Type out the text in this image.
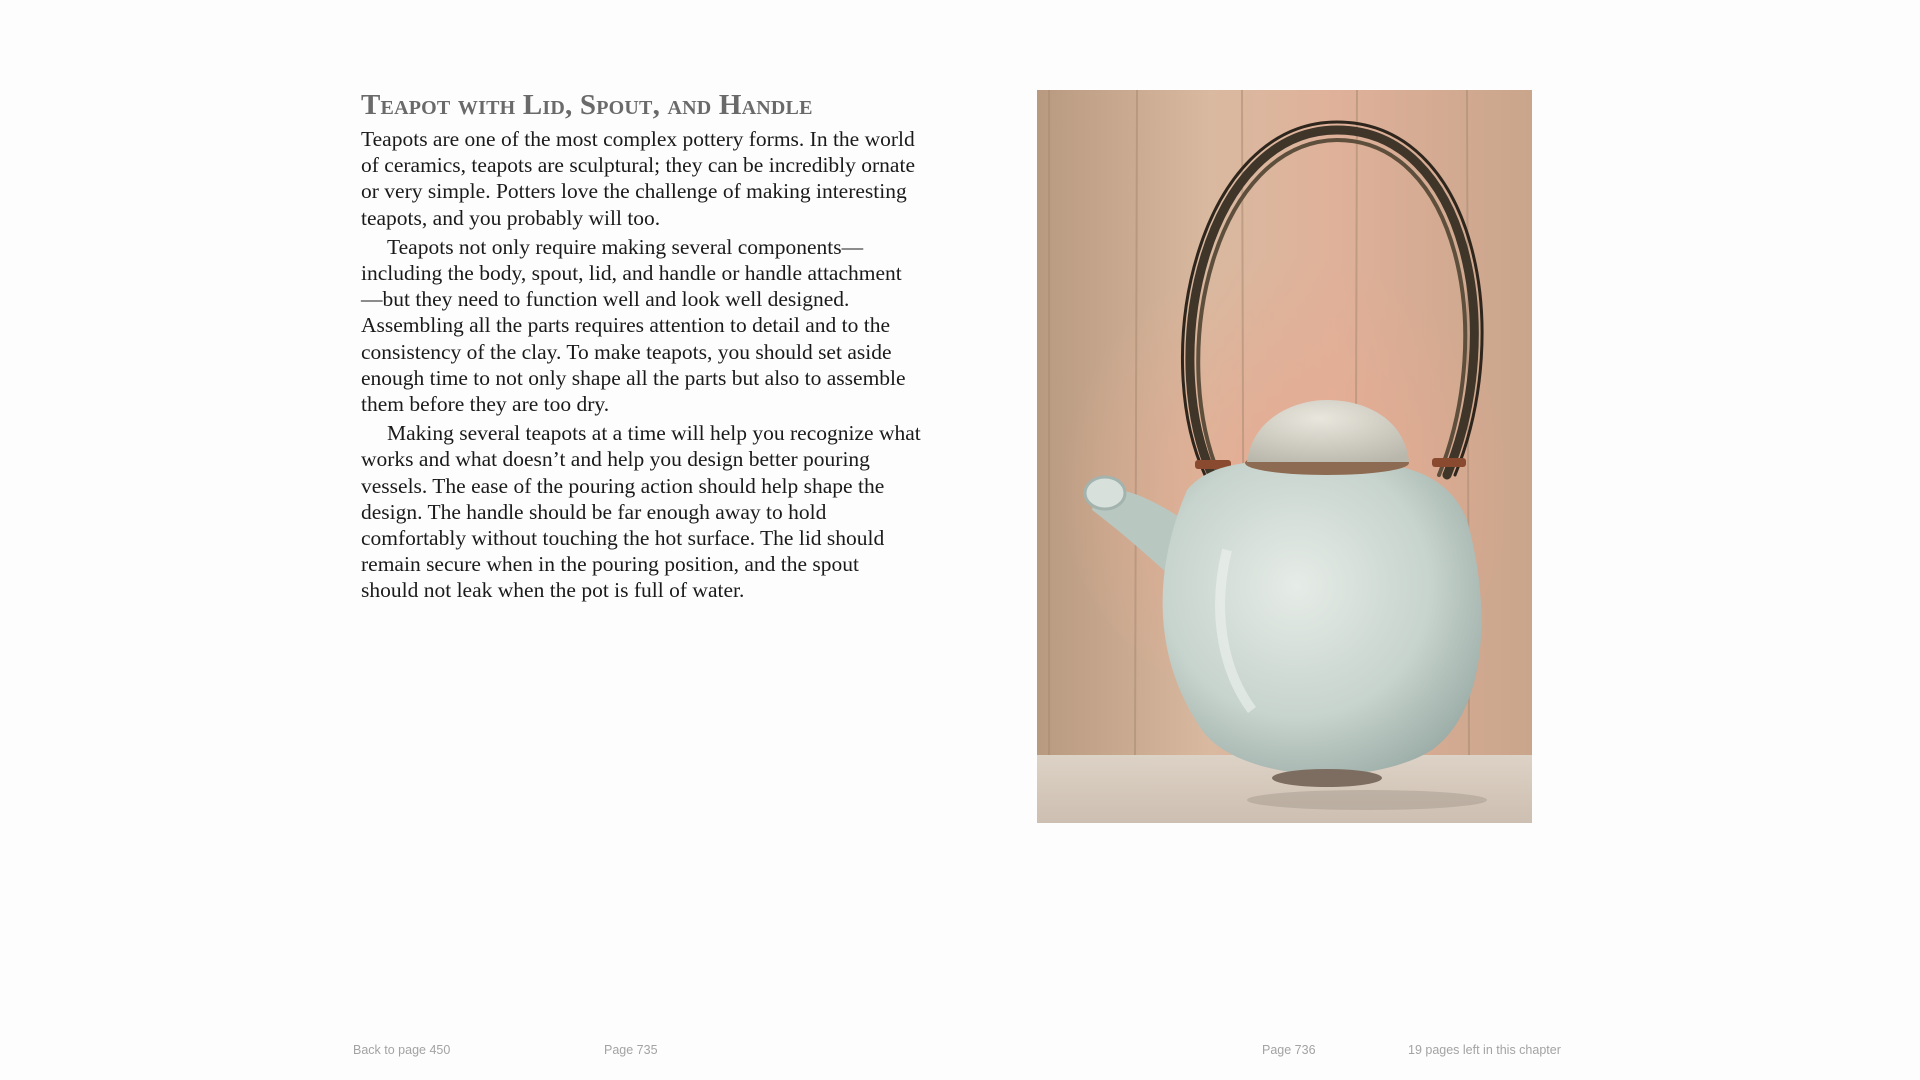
Teapot with Lid, Spout, and Handle

Teapots are one of the most complex pottery forms. In the world of ceramics, teapots are sculptural; they can be incredibly ornate or very simple. Potters love the challenge of making interesting teapots, and you probably will too.

Teapots not only require making several components— including the body, spout, lid, and handle or handle attachment—but they need to function well and look well designed. Assembling all the parts requires attention to detail and to the consistency of the clay. To make teapots, you should set aside enough time to not only shape all the parts but also to assemble them before they are too dry.

Making several teapots at a time will help you recognize what works and what doesn’t and help you design better pouring vessels. The ease of the pouring action should help shape the design. The handle should be far enough away to hold comfortably without touching the hot surface. The lid should remain secure when in the pouring position, and the spout should not leak when the pot is full of water.

Back to page 450	Page 735	Page 736	19 pages left in this chapter
